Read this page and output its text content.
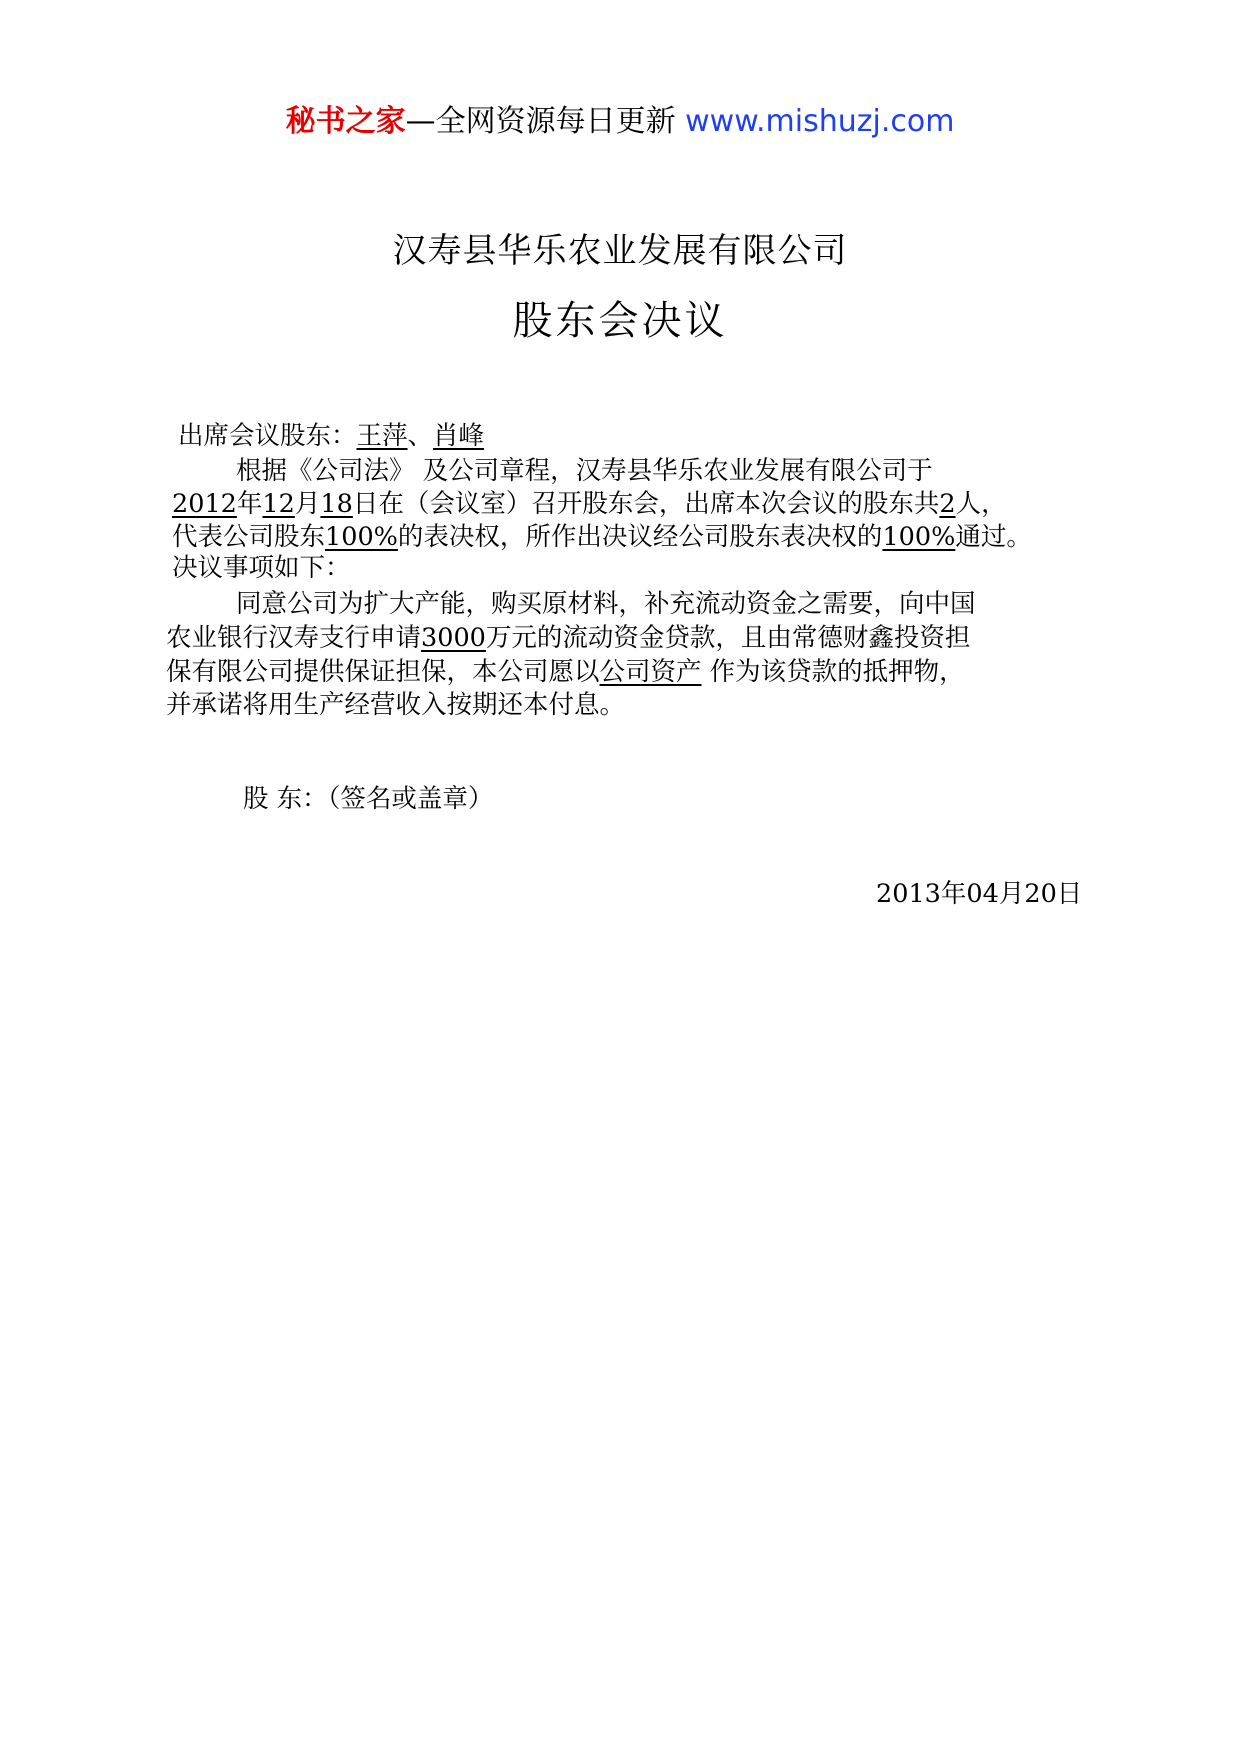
秘书之家—全网资源每日更新 www.mishuzj.com
汉寿县华乐农业发展有限公司
股东会决议
出席会议股东：王萍、肖峰
根据《公司法》 及公司章程，汉寿县华乐农业发展有限公司于
2012年12月18日在（会议室）召开股东会，出席本次会议的股东共2人，
代表公司股东100%的表决权，所作出决议经公司股东表决权的100%通过。
决议事项如下：
同意公司为扩大产能，购买原材料，补充流动资金之需要，向中国
农业银行汉寿支行申请3000万元的流动资金贷款，且由常德财鑫投资担
保有限公司提供保证担保，本公司愿以公司资产 作为该贷款的抵押物，
并承诺将用生产经营收入按期还本付息。
股 东：（签名或盖章）
2013年04月20日
